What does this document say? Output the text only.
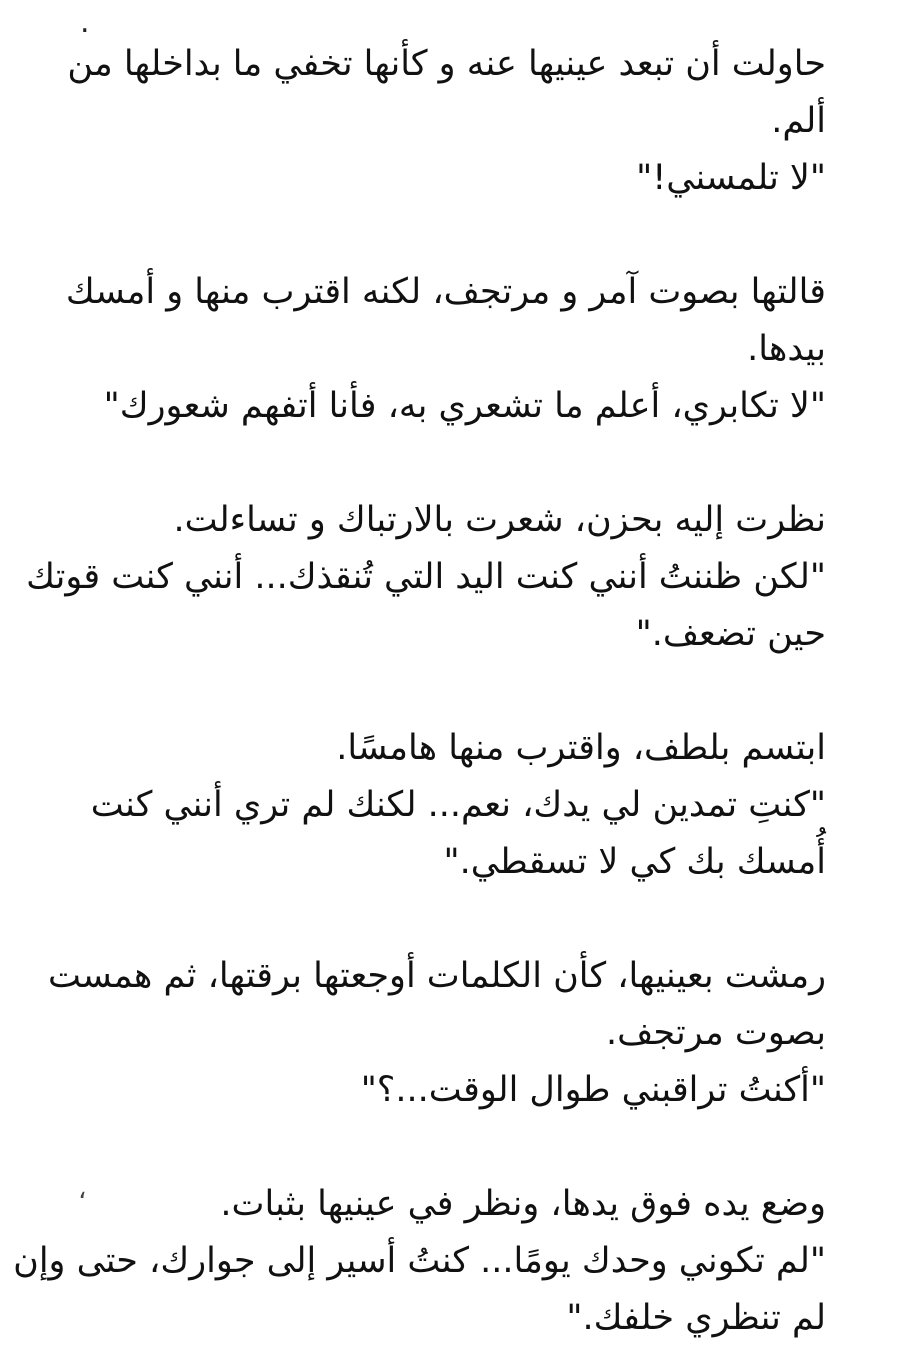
.
حاولت أن تبعد عينيها عنه و كأنها تخفي ما بداخلها من
ألم.
"لا تلمسني!"
قالتها بصوت آمر و مرتجف، لكنه اقترب منها و أمسك
بيدها.
"لا تكابري، أعلم ما تشعري به، فأنا أتفهم شعورك"
نظرت إليه بحزن، شعرت بالارتباك و تساءلت.
"لكن ظننتُ أنني كنت اليد التي تُنقذك... أنني كنت قوتك
حين تضعف."
ابتسم بلطف، واقترب منها هامسًا.
"كنتِ تمدين لي يدك، نعم... لكنك لم تري أنني كنت
أُمسك بك كي لا تسقطي."
رمشت بعينيها، كأن الكلمات أوجعتها برقتها، ثم همست
بصوت مرتجف.
"أكنتُ تراقبني طوال الوقت...؟"
وضع يده فوق يدها، ونظر في عينيها بثبات.
"لم تكوني وحدك يومًا... كنتُ أسير إلى جوارك، حتى وإن
لم تنظري خلفك."
،
